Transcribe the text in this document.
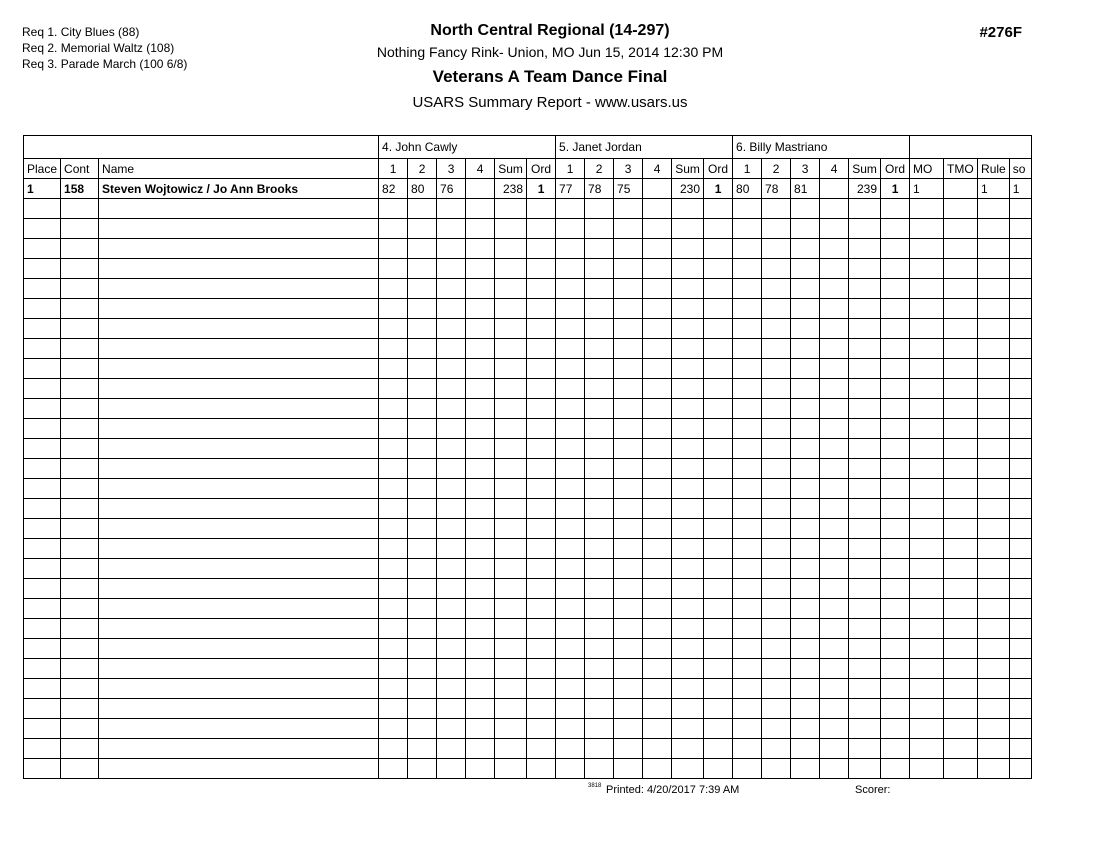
Req 1. City Blues (88)
Req 2. Memorial Waltz (108)
Req 3. Parade March (100 6/8)
North Central Regional (14-297)
Nothing Fancy Rink- Union, MO Jun 15, 2014 12:30 PM
Veterans A Team Dance Final
USARS Summary Report - www.usars.us
#276F
			4. John Cawly						5. Janet Jordan						6. Billy Mastriano									
Place	Cont	Name	1	2	3	4	Sum	Ord	1	2	3	4	Sum	Ord	1	2	3	4	Sum	Ord	MO	TMO	Rule	so
1	158	Steven Wojtowicz / Jo Ann Brooks	82	80	76		238	1	77	78	75		230	1	80	78	81		239	1	1		1	1

3818 Printed: 4/20/2017 7:39 AM	Scorer:
